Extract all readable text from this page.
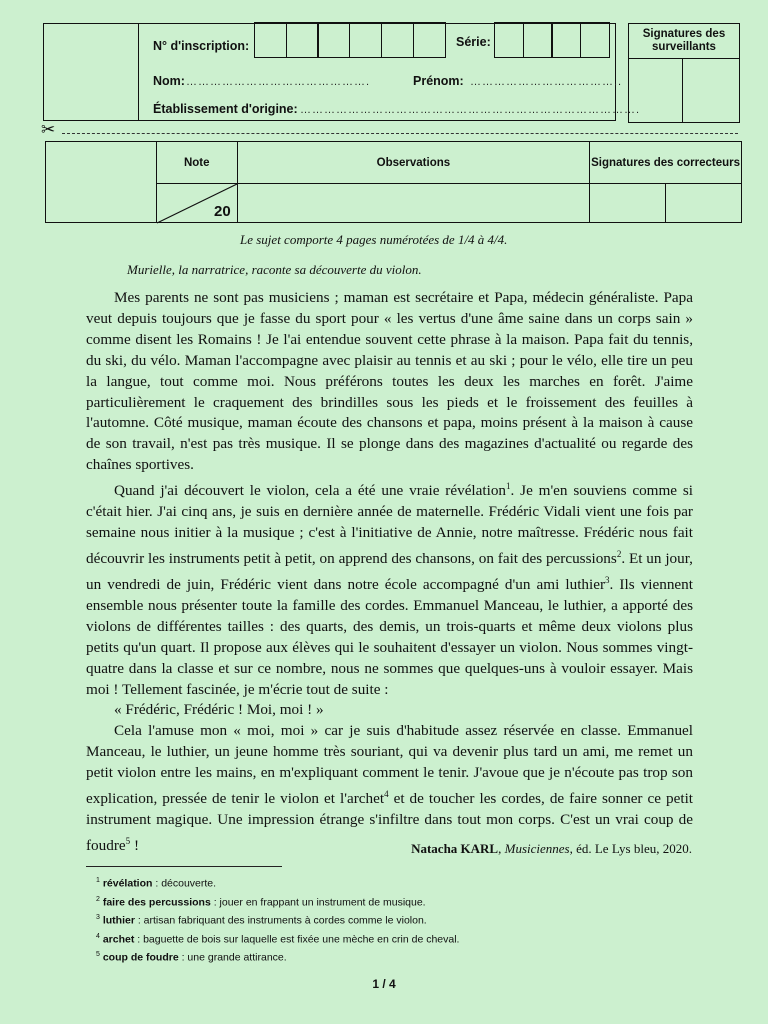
N° d'inscription:	Série:
Nom: ……………………………………….	Prénom: ………………………………..
Établissement d'origine: ………………………………………………………………………….
Signatures des surveillants
✂
	Note	Observations	Signatures des correcteurs	

	20			

Le sujet comporte 4 pages numérotées de 1/4 à 4/4.
Murielle, la narratrice, raconte sa découverte du violon.

Mes parents ne sont pas musiciens ; maman est secrétaire et Papa, médecin généraliste. Papa veut depuis toujours que je fasse du sport pour « les vertus d'une âme saine dans un corps sain » comme disent les Romains ! Je l'ai entendue souvent cette phrase à la maison. Papa fait du tennis, du ski, du vélo. Maman l'accompagne avec plaisir au tennis et au ski ; pour le vélo, elle tire un peu la langue, tout comme moi. Nous préférons toutes les deux les marches en forêt. J'aime particulièrement le craquement des brindilles sous les pieds et le froissement des feuilles à l'automne. Côté musique, maman écoute des chansons et papa, moins présent à la maison à cause de son travail, n'est pas très musique. Il se plonge dans des magazines d'actualité ou regarde des chaînes sportives.

Quand j'ai découvert le violon, cela a été une vraie révélation$^1$. Je m'en souviens comme si c'était hier. J'ai cinq ans, je suis en dernière année de maternelle. Frédéric Vidali vient une fois par semaine nous initier à la musique ; c'est à l'initiative de Annie, notre maîtresse. Frédéric nous fait découvrir les instruments petit à petit, on apprend des chansons, on fait des percussions$^2$. Et un jour, un vendredi de juin, Frédéric vient dans notre école accompagné d'un ami luthier$^3$. Ils viennent ensemble nous présenter toute la famille des cordes. Emmanuel Manceau, le luthier, a apporté des violons de différentes tailles : des quarts, des demis, un trois-quarts et même deux violons plus petits qu'un quart. Il propose aux élèves qui le souhaitent d'essayer un violon. Nous sommes vingt-quatre dans la classe et sur ce nombre, nous ne sommes que quelques-uns à vouloir essayer. Mais moi ! Tellement fascinée, je m'écrie tout de suite :

« Frédéric, Frédéric ! Moi, moi ! »

Cela l'amuse mon « moi, moi » car je suis d'habitude assez réservée en classe. Emmanuel Manceau, le luthier, un jeune homme très souriant, qui va devenir plus tard un ami, me remet un petit violon entre les mains, en m'expliquant comment le tenir. J'avoue que je n'écoute pas trop son explication, pressée de tenir le violon et l'archet$^4$ et de toucher les cordes, de faire sonner ce petit instrument magique. Une impression étrange s'infiltre dans tout mon corps. C'est un vrai coup de foudre$^5$ !	Natacha KARL, Musiciennes, éd. Le Lys bleu, 2020.
$^1$ révélation : découverte.
$^2$ faire des percussions : jouer en frappant un instrument de musique.
$^3$ luthier : artisan fabriquant des instruments à cordes comme le violon.
$^4$ archet : baguette de bois sur laquelle est fixée une mèche en crin de cheval.
$^5$ coup de foudre : une grande attirance.
1 / 4
